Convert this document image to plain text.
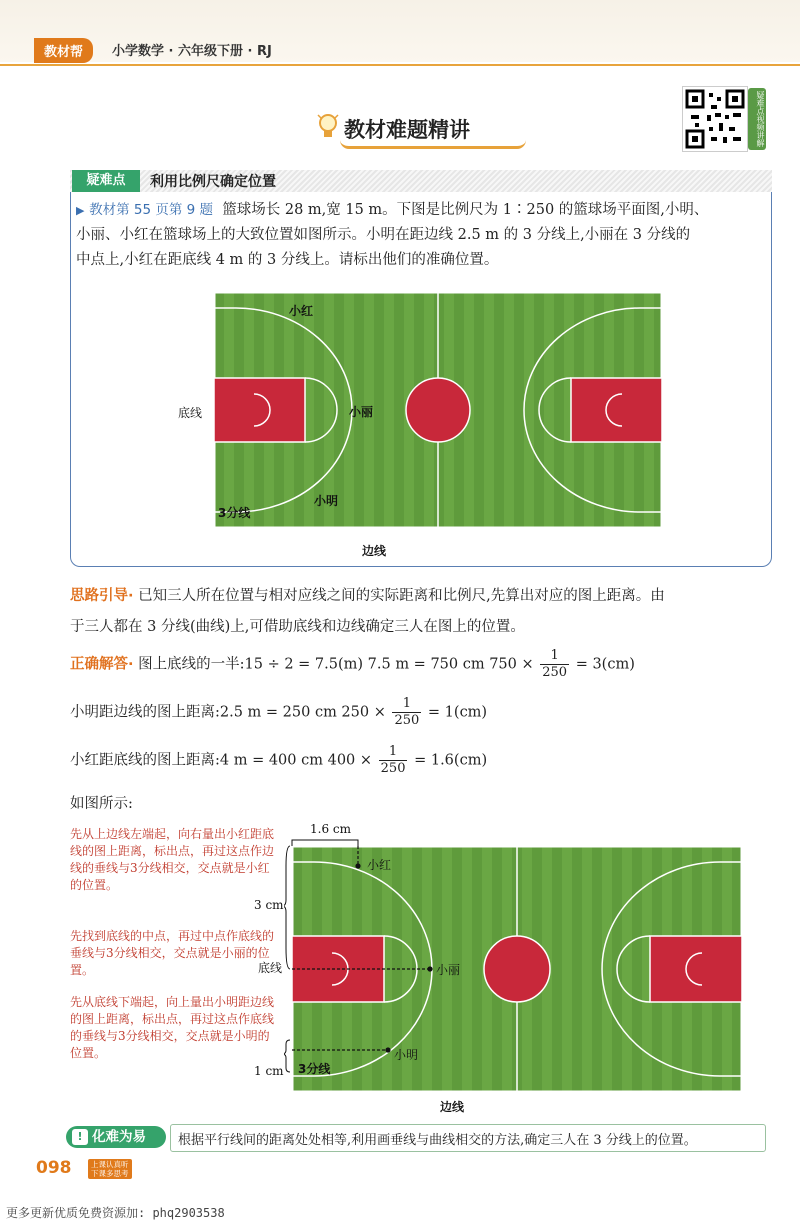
教材帮	小学数学 · 六年级下册 · RJ
教材难题精讲	疑难点视频讲解
疑难点	利用比例尺确定位置
▶ 教材第 55 页第 9 题 篮球场长 28 m,宽 15 m。下图是比例尺为 1∶250 的篮球场平面图,小明、
小丽、小红在篮球场上的大致位置如图所示。小明在距边线 2.5 m 的 3 分线上,小丽在 3 分线的
中点上,小红在距底线 4 m 的 3 分线上。请标出他们的准确位置。
小红
小丽
小明
底线
3分线
边线
思路引导· 已知三人所在位置与相对应线之间的实际距离和比例尺,先算出对应的图上距离。由
于三人都在 3 分线(曲线)上,可借助底线和边线确定三人在图上的位置。
正确解答· 图上底线的一半:15 ÷ 2 = 7.5(m) 7.5 m = 750 cm $750 \times \frac{1}{250} = 3(cm)$
小明距边线的图上距离:2.5 m = 250 cm $250 \times \frac{1}{250} = 1(cm)$
小红距底线的图上距离:4 m = 400 cm $400 \times \frac{1}{250} = 1.6(cm)$
如图所示:
先从上边线左端起，向右量出小红距底线的图上距离，标出点，再过这点作边线的垂线与3分线相交，交点就是小红的位置。
先找到底线的中点，再过中点作底线的垂线与3分线相交，交点就是小丽的位置。
先从底线下端起，向上量出小明距边线的图上距离，标出点，再过这点作底线的垂线与3分线相交，交点就是小明的位置。
1.6 cm
3 cm
1 cm
小红
小丽
小明
底线
3分线
边线
! 化难为易	根据平行线间的距离处处相等,利用画垂线与曲线相交的方法,确定三人在 3 分线上的位置。
098	上课认真听
下课多思考
更多更新优质免费资源加: phq2903538
